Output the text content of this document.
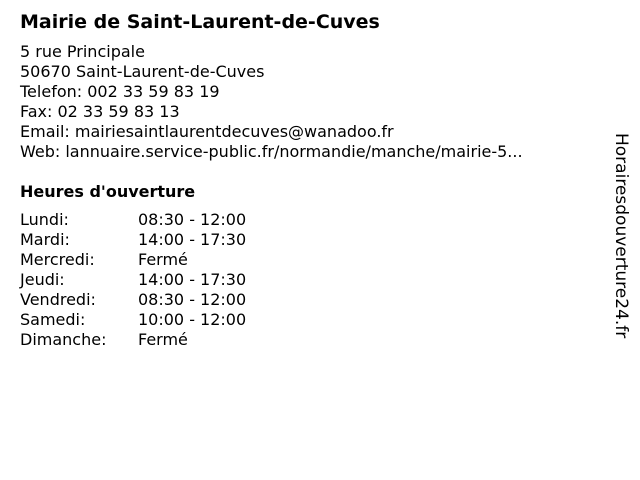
Mairie de Saint-Laurent-de-Cuves
5 rue Principale
50670 Saint-Laurent-de-Cuves
Telefon: 002 33 59 83 19
Fax: 02 33 59 83 13
Email: mairiesaintlaurentdecuves@wanadoo.fr
Web: lannuaire.service-public.fr/normandie/manche/mairie-5...
Heures d'ouverture
Lundi:	08:30 - 12:00
Mardi:	14:00 - 17:30
Mercredi:	Fermé
Jeudi:	14:00 - 17:30
Vendredi:	08:30 - 12:00
Samedi:	10:00 - 12:00
Dimanche:	Fermé
Horairesdouverture24.fr
